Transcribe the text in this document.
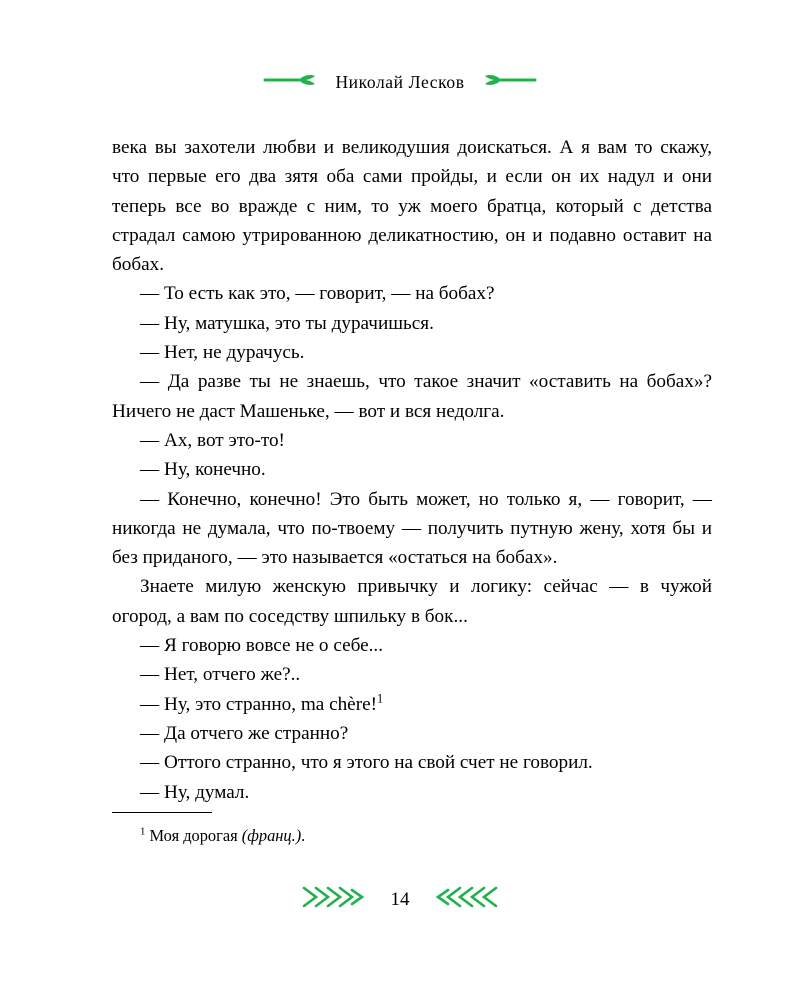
Николай Лесков

века вы захотели любви и великодушия доискаться. А я вам то скажу, что первые его два зятя оба сами пройды, и если он их надул и они теперь все во вражде с ним, то уж моего братца, который с детства страдал самою утрированною деликатностию, он и подавно оставит на бобах.

— То есть как это, — говорит, — на бобах?

— Ну, матушка, это ты дурачишься.

— Нет, не дурачусь.

— Да разве ты не знаешь, что такое значит «оставить на бобах»? Ничего не даст Машеньке, — вот и вся недолга.

— Ах, вот это-то!

— Ну, конечно.

— Конечно, конечно! Это быть может, но только я, — говорит, — никогда не думала, что по-твоему — получить путную жену, хотя бы и без приданого, — это называется «остаться на бобах».

Знаете милую женскую привычку и логику: сейчас — в чужой огород, а вам по соседству шпильку в бок...

— Я говорю вовсе не о себе...

— Нет, отчего же?..

— Ну, это странно, ma chère!$^1$

— Да отчего же странно?

— Оттого странно, что я этого на свой счет не говорил.

— Ну, думал.

$^1$ Моя дорогая (франц.).
14
